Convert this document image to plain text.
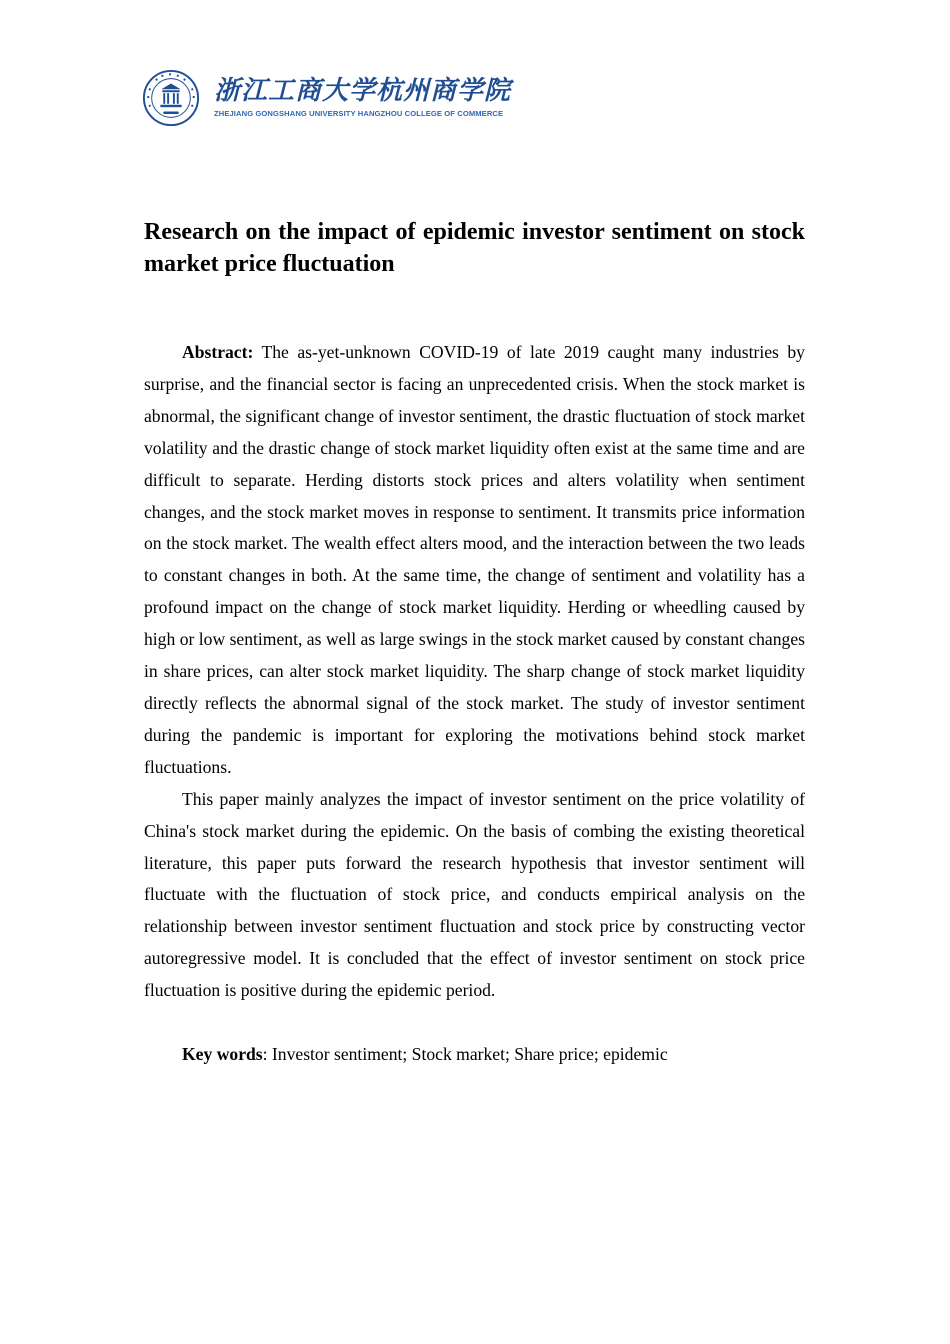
浙江工商大学杭州商学院
ZHEJIANG GONGSHANG UNIVERSITY HANGZHOU COLLEGE OF COMMERCE
Research on the impact of epidemic investor sentiment on stock market price fluctuation

Abstract: The as-yet-unknown COVID-19 of late 2019 caught many industries by surprise, and the financial sector is facing an unprecedented crisis. When the stock market is abnormal, the significant change of investor sentiment, the drastic fluctuation of stock market volatility and the drastic change of stock market liquidity often exist at the same time and are difficult to separate. Herding distorts stock prices and alters volatility when sentiment changes, and the stock market moves in response to sentiment. It transmits price information on the stock market. The wealth effect alters mood, and the interaction between the two leads to constant changes in both. At the same time, the change of sentiment and volatility has a profound impact on the change of stock market liquidity. Herding or wheedling caused by high or low sentiment, as well as large swings in the stock market caused by constant changes in share prices, can alter stock market liquidity. The sharp change of stock market liquidity directly reflects the abnormal signal of the stock market. The study of investor sentiment during the pandemic is important for exploring the motivations behind stock market fluctuations.

This paper mainly analyzes the impact of investor sentiment on the price volatility of China's stock market during the epidemic. On the basis of combing the existing theoretical literature, this paper puts forward the research hypothesis that investor sentiment will fluctuate with the fluctuation of stock price, and conducts empirical analysis on the relationship between investor sentiment fluctuation and stock price by constructing vector autoregressive model. It is concluded that the effect of investor sentiment on stock price fluctuation is positive during the epidemic period.

Key words: Investor sentiment; Stock market; Share price; epidemic
